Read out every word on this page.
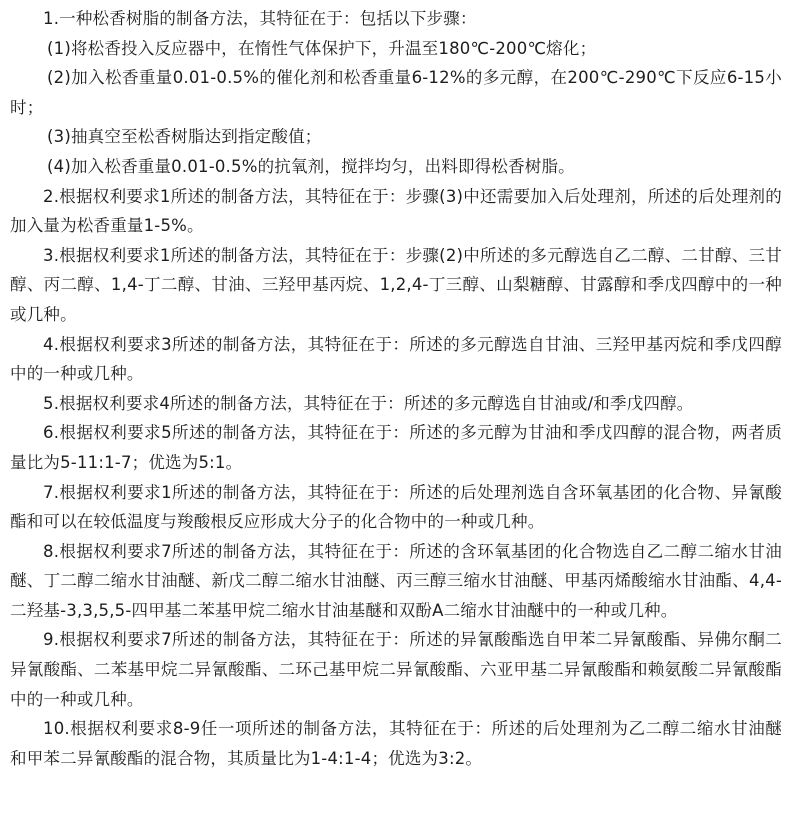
1.一种松香树脂的制备方法，其特征在于：包括以下步骤：

(1)将松香投入反应器中，在惰性气体保护下，升温至180℃-200℃熔化；

(2)加入松香重量0.01-0.5%的催化剂和松香重量6-12%的多元醇，在200℃-290℃下反应6-15小时；

(3)抽真空至松香树脂达到指定酸值；

(4)加入松香重量0.01-0.5%的抗氧剂，搅拌均匀，出料即得松香树脂。

2.根据权利要求1所述的制备方法，其特征在于：步骤(3)中还需要加入后处理剂，所述的后处理剂的加入量为松香重量1-5%。

3.根据权利要求1所述的制备方法，其特征在于：步骤(2)中所述的多元醇选自乙二醇、二甘醇、三甘醇、丙二醇、1,4-丁二醇、甘油、三羟甲基丙烷、1,2,4-丁三醇、山梨糖醇、甘露醇和季戊四醇中的一种或几种。

4.根据权利要求3所述的制备方法，其特征在于：所述的多元醇选自甘油、三羟甲基丙烷和季戊四醇中的一种或几种。

5.根据权利要求4所述的制备方法，其特征在于：所述的多元醇选自甘油或/和季戊四醇。

6.根据权利要求5所述的制备方法，其特征在于：所述的多元醇为甘油和季戊四醇的混合物，两者质量比为5-11:1-7；优选为5:1。

7.根据权利要求1所述的制备方法，其特征在于：所述的后处理剂选自含环氧基团的化合物、异氰酸酯和可以在较低温度与羧酸根反应形成大分子的化合物中的一种或几种。

8.根据权利要求7所述的制备方法，其特征在于：所述的含环氧基团的化合物选自乙二醇二缩水甘油醚、丁二醇二缩水甘油醚、新戊二醇二缩水甘油醚、丙三醇三缩水甘油醚、甲基丙烯酸缩水甘油酯、4,4-二羟基-3,3,5,5-四甲基二苯基甲烷二缩水甘油基醚和双酚A二缩水甘油醚中的一种或几种。

9.根据权利要求7所述的制备方法，其特征在于：所述的异氰酸酯选自甲苯二异氰酸酯、异佛尔酮二异氰酸酯、二苯基甲烷二异氰酸酯、二环己基甲烷二异氰酸酯、六亚甲基二异氰酸酯和赖氨酸二异氰酸酯中的一种或几种。

10.根据权利要求8-9任一项所述的制备方法，其特征在于：所述的后处理剂为乙二醇二缩水甘油醚和甲苯二异氰酸酯的混合物，其质量比为1-4:1-4；优选为3:2。
